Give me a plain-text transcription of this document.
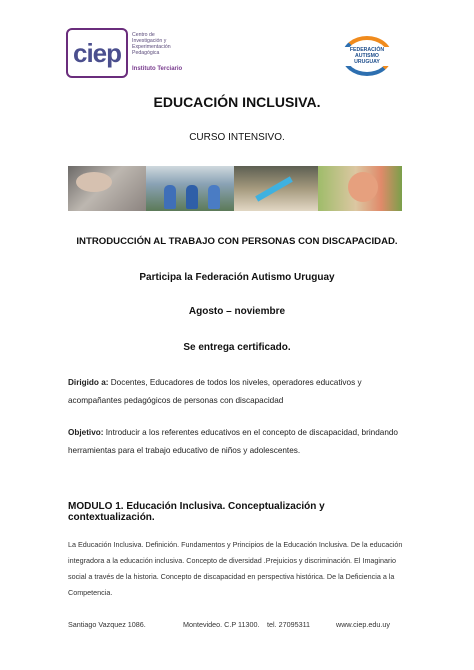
ciep
Centro de
Investigación y
Experimentación
Pedagógica
Instituto Terciario
FEDERACIÓN
AUTISMO
URUGUAY
EDUCACIÓN INCLUSIVA.
CURSO INTENSIVO.
INTRODUCCIÓN AL TRABAJO CON PERSONAS CON DISCAPACIDAD.
Participa la Federación Autismo Uruguay
Agosto – noviembre
Se entrega certificado.
Dirigido a: Docentes, Educadores de todos los niveles, operadores educativos y acompañantes pedagógicos de personas con discapacidad
Objetivo: Introducir a los referentes educativos en el concepto de discapacidad, brindando herramientas para el trabajo educativo de niños y adolescentes.
MODULO 1. Educación Inclusiva. Conceptualización y contextualización.
La Educación Inclusiva. Definición. Fundamentos y Principios de la Educación Inclusiva. De la educación integradora a la educación inclusiva. Concepto de diversidad .Prejuicios y discriminación. El Imaginario social a través de la historia. Concepto de discapacidad en perspectiva histórica. De la Deficiencia a la Competencia.
Santiago Vazquez 1086.	Montevideo. C.P 11300. tel. 27095311	www.ciep.edu.uy
